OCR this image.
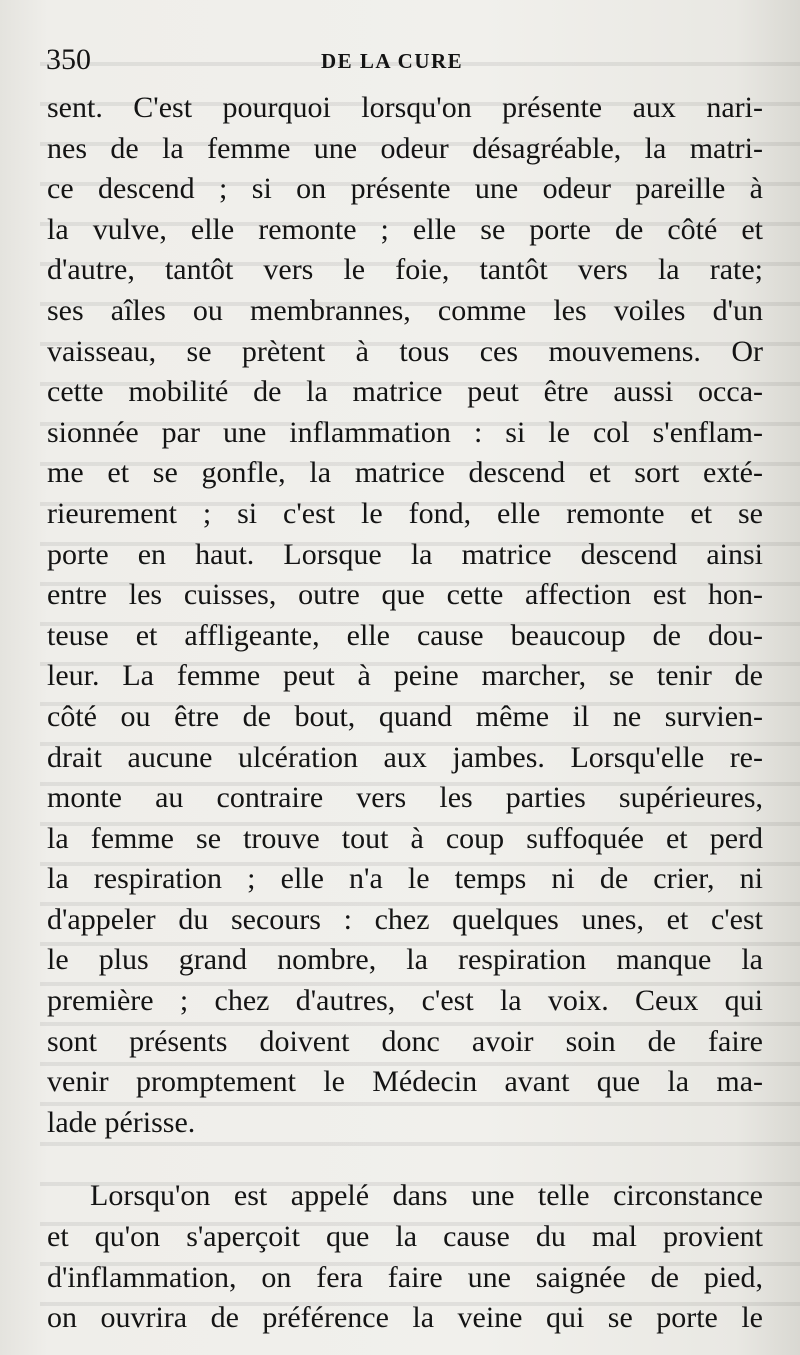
350	DE LA CURE
sent. C'est pourquoi lorsqu'on présente aux nari-
nes de la femme une odeur désagréable, la matri-
ce descend ; si on présente une odeur pareille à
la vulve, elle remonte ; elle se porte de côté et
d'autre, tantôt vers le foie, tantôt vers la rate;
ses aîles ou membrannes, comme les voiles d'un
vaisseau, se prètent à tous ces mouvemens. Or
cette mobilité de la matrice peut être aussi occa-
sionnée par une inflammation : si le col s'enflam-
me et se gonfle, la matrice descend et sort exté-
rieurement ; si c'est le fond, elle remonte et se
porte en haut. Lorsque la matrice descend ainsi
entre les cuisses, outre que cette affection est hon-
teuse et affligeante, elle cause beaucoup de dou-
leur. La femme peut à peine marcher, se tenir de
côté ou être de bout, quand même il ne survien-
drait aucune ulcération aux jambes. Lorsqu'elle re-
monte au contraire vers les parties supérieures,
la femme se trouve tout à coup suffoquée et perd
la respiration ; elle n'a le temps ni de crier, ni
d'appeler du secours : chez quelques unes, et c'est
le plus grand nombre, la respiration manque la
première ; chez d'autres, c'est la voix. Ceux qui
sont présents doivent donc avoir soin de faire
venir promptement le Médecin avant que la ma-
lade périsse.
Lorsqu'on est appelé dans une telle circonstance
et qu'on s'aperçoit que la cause du mal provient
d'inflammation, on fera faire une saignée de pied,
on ouvrira de préférence la veine qui se porte le
